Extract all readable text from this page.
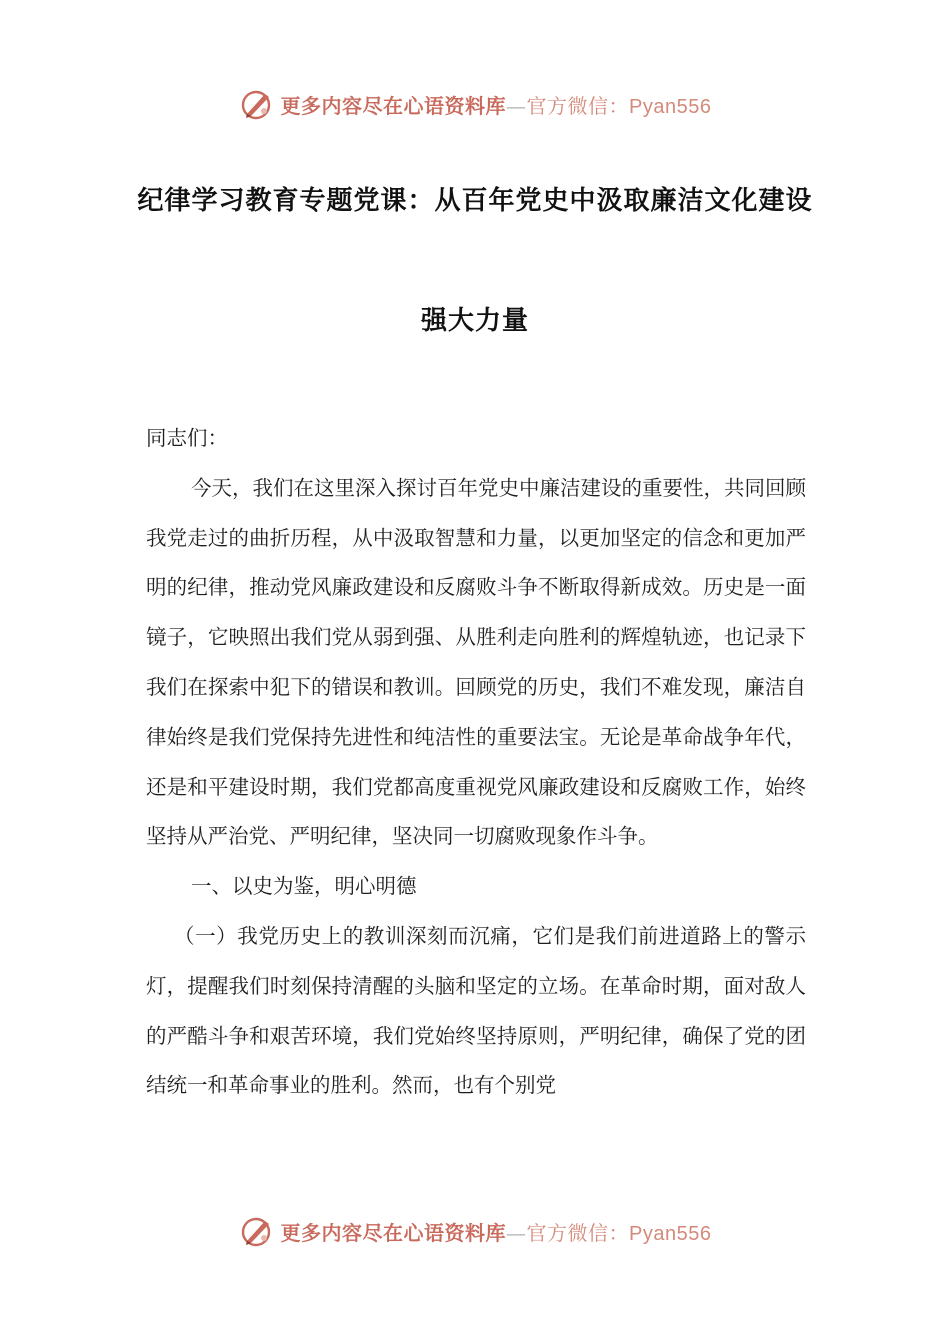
更多内容尽在心语资料库—官方微信：Pyan556
纪律学习教育专题党课：从百年党史中汲取廉洁文化建设
强大力量

同志们：

今天，我们在这里深入探讨百年党史中廉洁建设的重要性，共同回顾我党走过的曲折历程，从中汲取智慧和力量，以更加坚定的信念和更加严明的纪律，推动党风廉政建设和反腐败斗争不断取得新成效。历史是一面镜子，它映照出我们党从弱到强、从胜利走向胜利的辉煌轨迹，也记录下我们在探索中犯下的错误和教训。回顾党的历史，我们不难发现，廉洁自律始终是我们党保持先进性和纯洁性的重要法宝。无论是革命战争年代，还是和平建设时期，我们党都高度重视党风廉政建设和反腐败工作，始终坚持从严治党、严明纪律，坚决同一切腐败现象作斗争。

一、以史为鉴，明心明德

（一）我党历史上的教训深刻而沉痛，它们是我们前进道路上的警示灯，提醒我们时刻保持清醒的头脑和坚定的立场。在革命时期，面对敌人的严酷斗争和艰苦环境，我们党始终坚持原则，严明纪律，确保了党的团结统一和革命事业的胜利。然而，也有个别党

更多内容尽在心语资料库—官方微信：Pyan556
